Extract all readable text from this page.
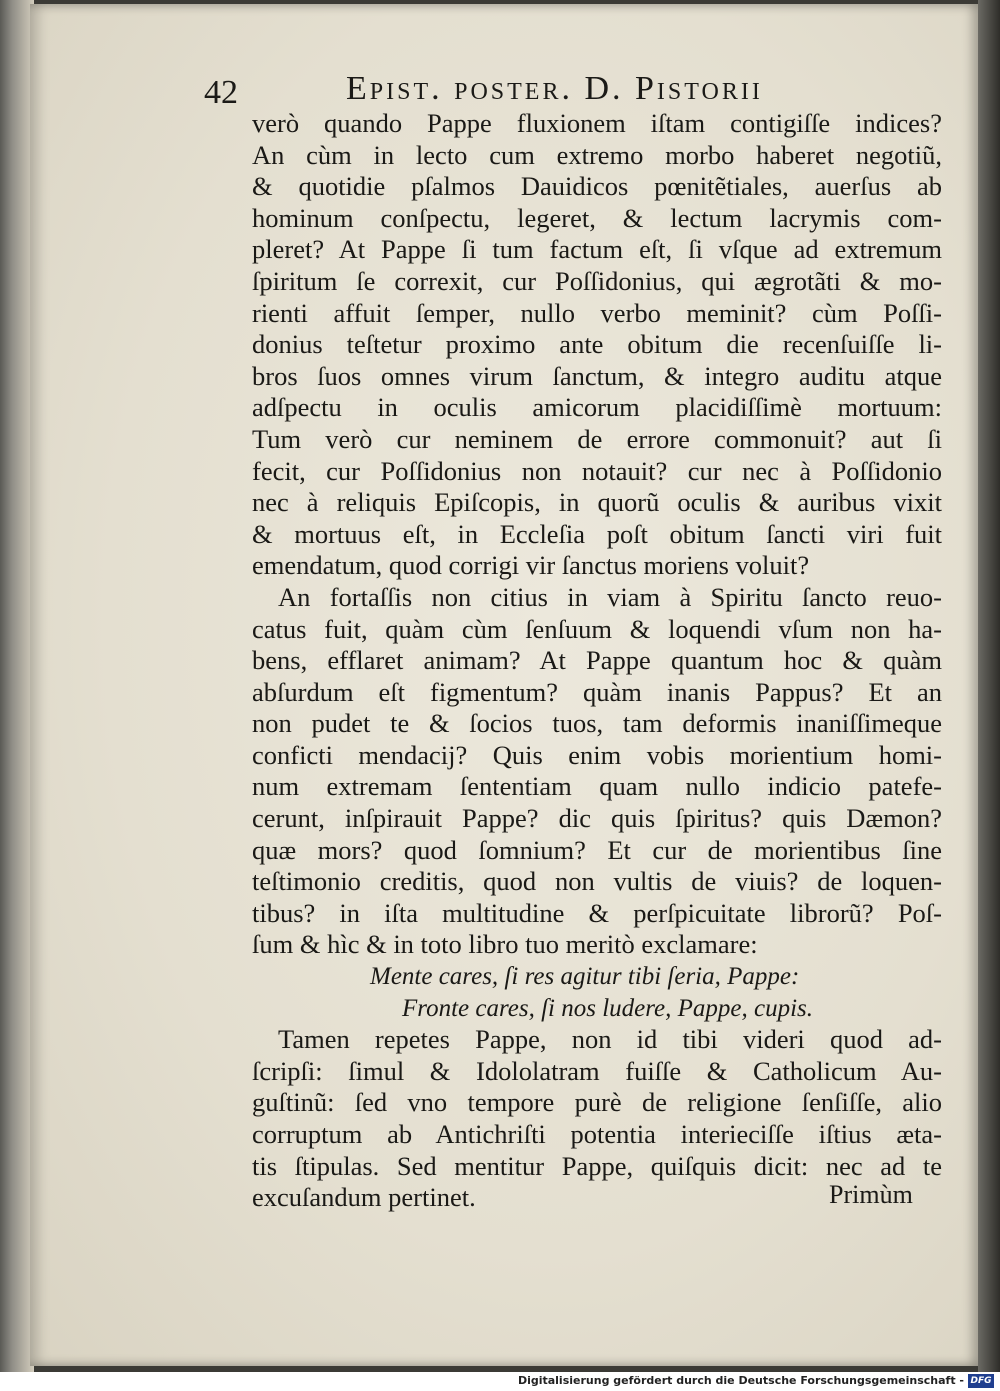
42	Epist. poster. D. Pistorii
verò quando Pappe fluxionem iſtam contigiſſe indices?
An cùm in lecto cum extremo morbo haberet negotiũ,
& quotidie pſalmos Dauidicos pœnitẽtiales, auerſus ab
hominum conſpectu, legeret, & lectum lacrymis com-
pleret? At Pappe ſi tum factum eſt, ſi vſque ad extremum
ſpiritum ſe correxit, cur Poſſidonius, qui ægrotãti & mo-
rienti affuit ſemper, nullo verbo meminit? cùm Poſſi-
donius teſtetur proximo ante obitum die recenſuiſſe li-
bros ſuos omnes virum ſanctum, & integro auditu atque
adſpectu in oculis amicorum placidiſſimè mortuum:
Tum verò cur neminem de errore commonuit? aut ſi
fecit, cur Poſſidonius non notauit? cur nec à Poſſidonio
nec à reliquis Epiſcopis, in quorũ oculis & auribus vixit
& mortuus eſt, in Eccleſia poſt obitum ſancti viri fuit
emendatum, quod corrigi vir ſanctus moriens voluit?
An fortaſſis non citius in viam à Spiritu ſancto reuo-
catus fuit, quàm cùm ſenſuum & loquendi vſum non ha-
bens, efflaret animam? At Pappe quantum hoc & quàm
abſurdum eſt figmentum? quàm inanis Pappus? Et an
non pudet te & ſocios tuos, tam deformis inaniſſimeque
conficti mendacij? Quis enim vobis morientium homi-
num extremam ſententiam quam nullo indicio patefe-
cerunt, inſpirauit Pappe? dic quis ſpiritus? quis Dæmon?
quæ mors? quod ſomnium? Et cur de morientibus ſine
teſtimonio creditis, quod non vultis de viuis? de loquen-
tibus? in iſta multitudine & perſpicuitate librorũ? Poſ-
ſum & hìc & in toto libro tuo meritò exclamare:
Mente cares, ſi res agitur tibi ſeria, Pappe:
Fronte cares, ſi nos ludere, Pappe, cupis.
Tamen repetes Pappe, non id tibi videri quod ad-
ſcripſi: ſimul & Idololatram fuiſſe & Catholicum Au-
guſtinũ: ſed vno tempore purè de religione ſenſiſſe, alio
corruptum ab Antichriſti potentia interieciſſe iſtius æta-
tis ſtipulas. Sed mentitur Pappe, quiſquis dicit: nec ad te
excuſandum pertinet.	Primùm
Digitalisierung gefördert durch die Deutsche Forschungsgemeinschaft - DFG
